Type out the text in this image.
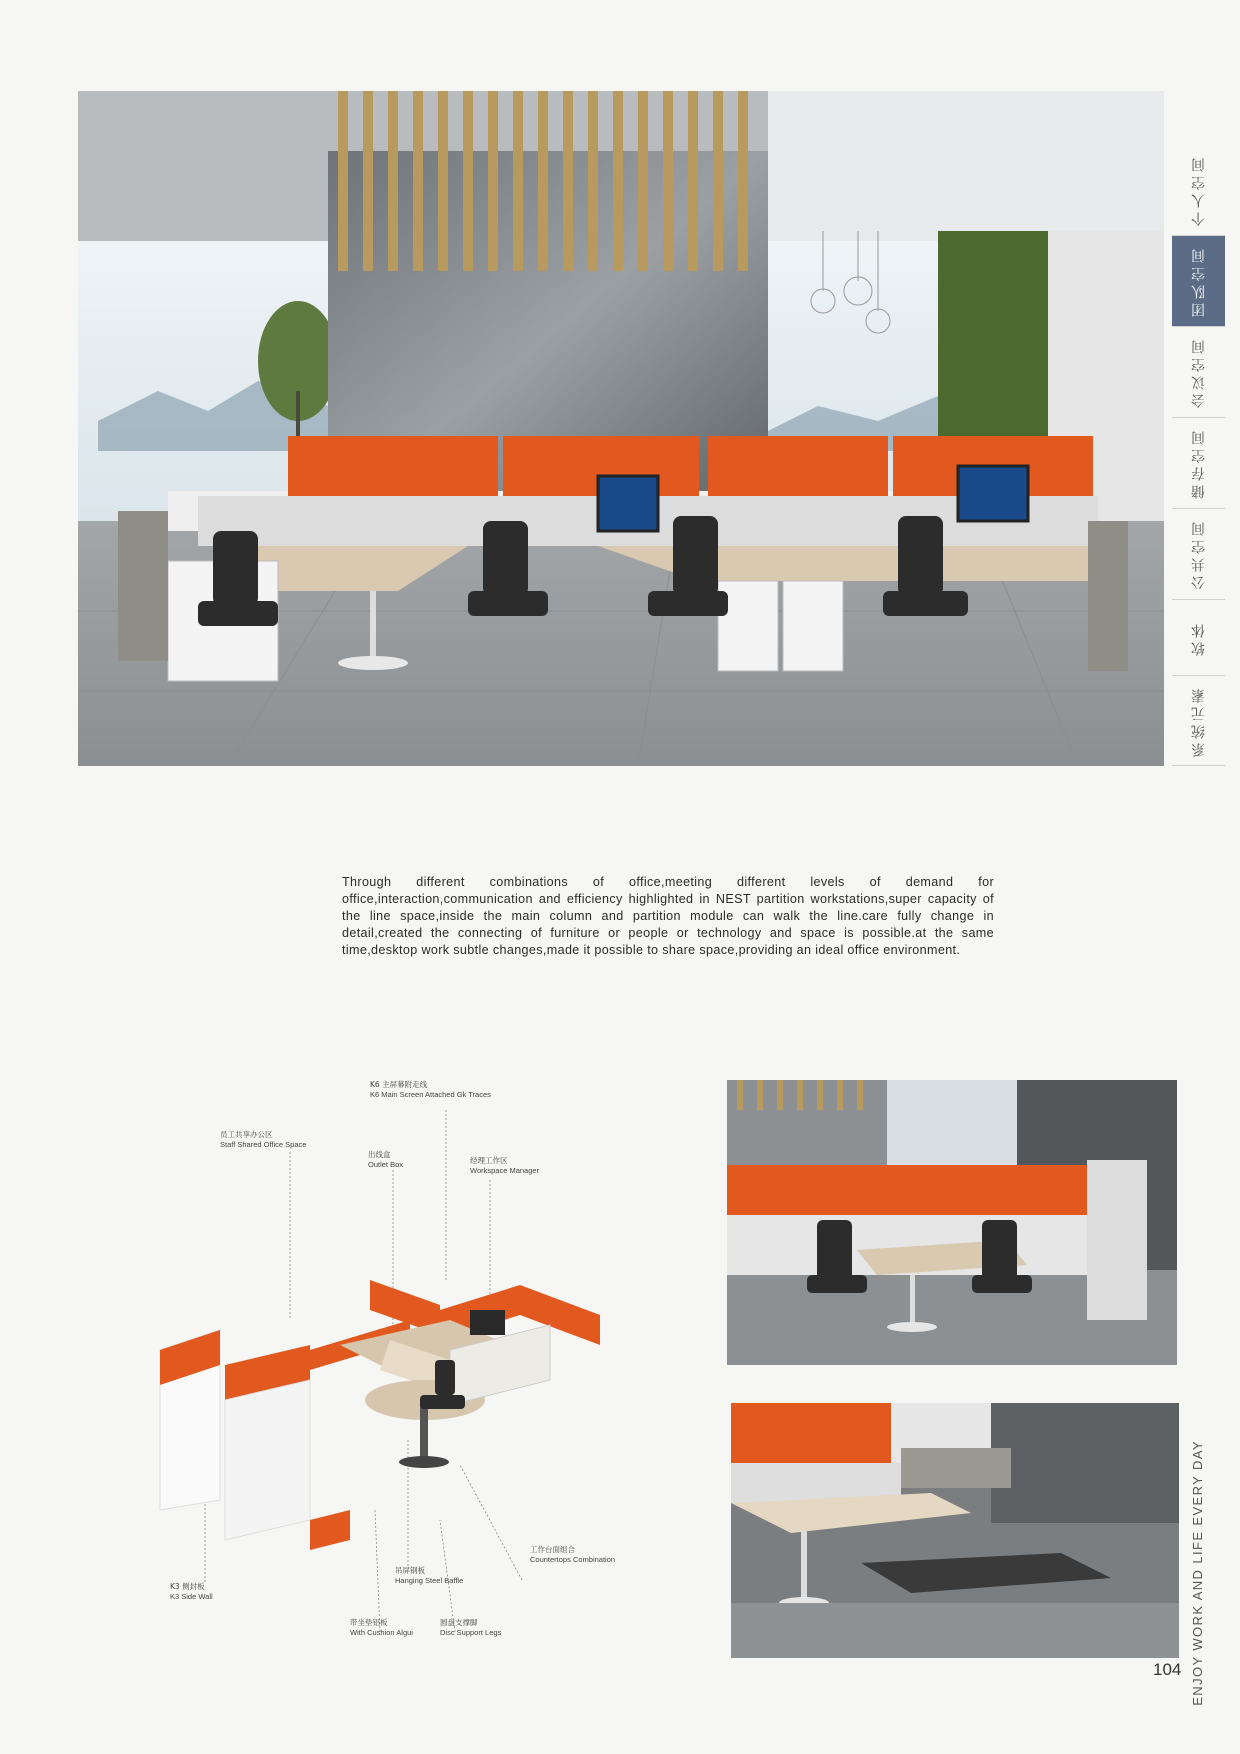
个人空间
团队空间
会议空间
储存空间
公共空间
软体
系统元素

Through different combinations of office,meeting different levels of demand for office,interaction,communication and efficiency highlighted in NEST partition workstations,super capacity of the line space,inside the main column and partition module can walk the line.care fully change in detail,created the connecting of furniture or people or technology and space is possible.at the same time,desktop work subtle changes,made it possible to share space,providing an ideal office environment.

K6 主屏幕附走线
K6 Main Screen Attached Gk Traces
员工共享办公区
Staff Shared Office Space
出线盒
Outlet Box	经理工作区
Workspace Manager
工作台面组合
Countertops Combination
吊屏钢板
Hanging Steel Baffle
K3 侧封板
K3 Side Wall
带坐垫铝板
With Cushion Algui
圆盘支撑脚
Disc Support Legs	ENJOY WORK AND LIFE EVERY DAY
104
